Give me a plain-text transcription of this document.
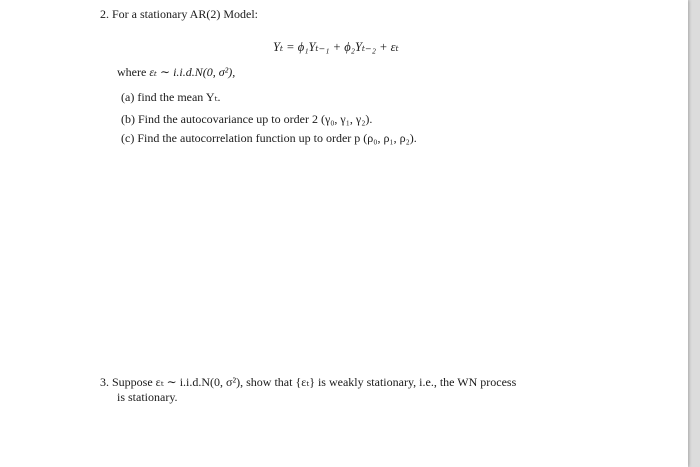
2. For a stationary AR(2) Model:
Yₜ = ϕ₁Yₜ₋₁ + ϕ₂Yₜ₋₂ + εₜ
where εₜ ∼ i.i.d.N(0, σ²),
(a) find the mean Yₜ.
(b) Find the autocovariance up to order 2 (γ₀, γ₁, γ₂).
(c) Find the autocorrelation function up to order p (ρ₀, ρ₁, ρ₂).
3. Suppose εₜ ∼ i.i.d.N(0, σ²), show that {εₜ} is weakly stationary, i.e., the WN process
is stationary.
